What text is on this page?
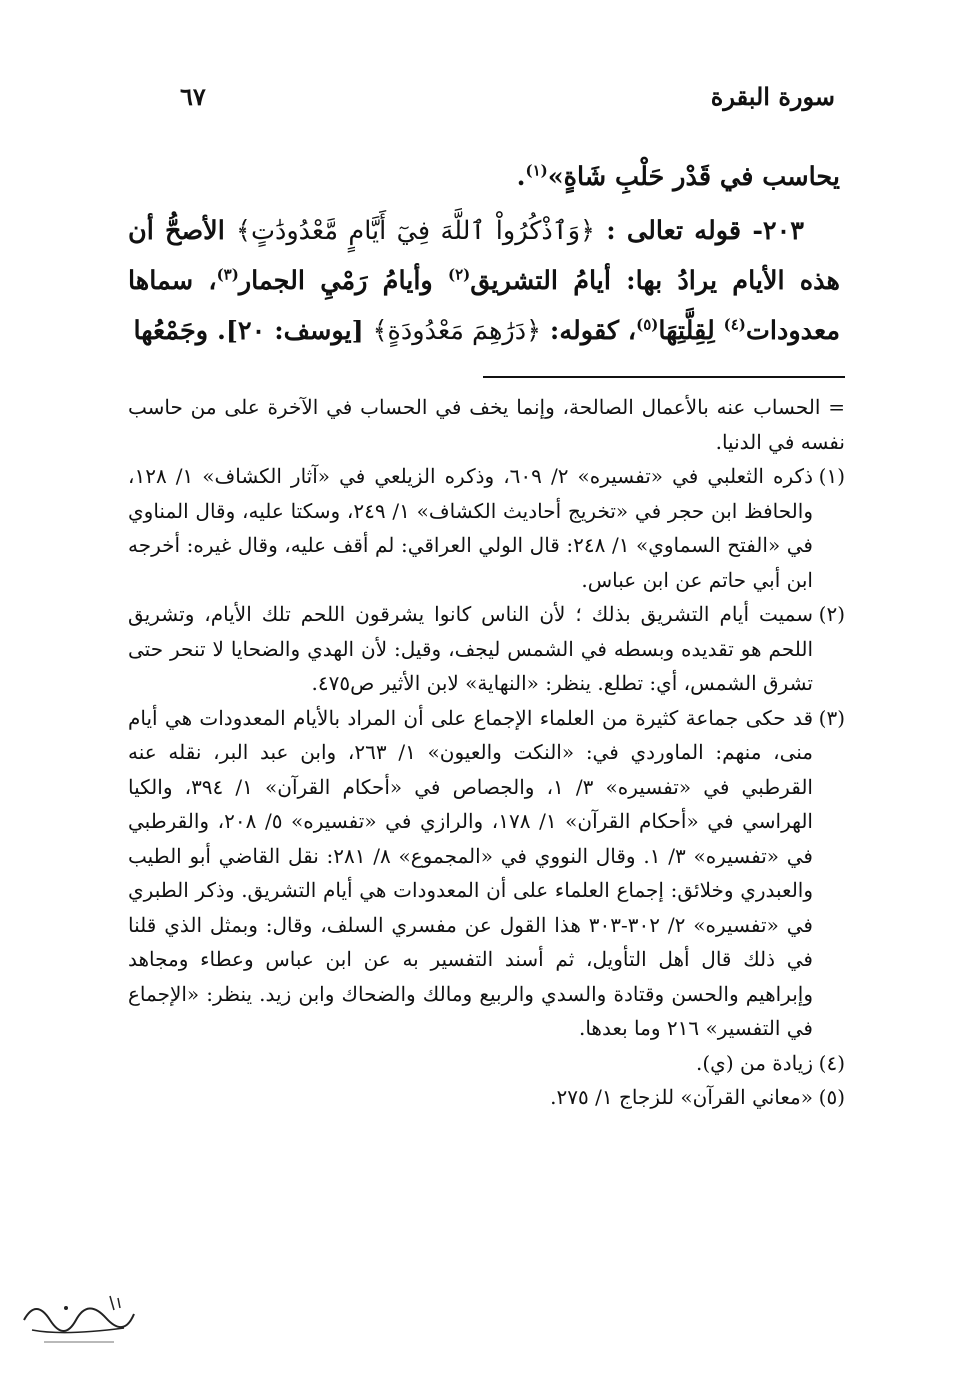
سورة البقرة
٦٧

يحاسب في قَدْر حَلْبِ شَاةٍ»$^{(١)}$.

٢٠٣- قوله تعالى : ﴿وَٱذْكُرُواْ ٱللَّهَ فِيٓ أَيَّامٍ مَّعْدُودَٰتٍ﴾ الأصحُّ أن هذه الأيام يرادُ بها: أيامُ التشريق$^{(٢)}$ وأيامُ رَمْيِ الجمار$^{(٣)}$، سماها معدودات$^{(٤)}$ لِقِلَّتِهَا$^{(٥)}$، كقوله: ﴿دَرَٰهِمَ مَعْدُودَةٍ﴾ [يوسف: ٢٠]. وجَمْعُها

= الحساب عنه بالأعمال الصالحة، وإنما يخف في الحساب في الآخرة على من حاسب نفسه في الدنيا.

(١)
ذكره الثعلبي في «تفسيره» ٢/ ٦٠٩، وذكره الزيلعي في «آثار الكشاف» ١/ ١٢٨، والحافظ ابن حجر في «تخريج أحاديث الكشاف» ١/ ٢٤٩، وسكتا عليه، وقال المناوي في «الفتح السماوي» ١/ ٢٤٨: قال الولي العراقي: لم أقف عليه، وقال غيره: أخرجه ابن أبي حاتم عن ابن عباس.

(٢)
سميت أيام التشريق بذلك ؛ لأن الناس كانوا يشرقون اللحم تلك الأيام، وتشريق اللحم هو تقديده وبسطه في الشمس ليجف، وقيل: لأن الهدي والضحايا لا تنحر حتى تشرق الشمس، أي: تطلع. ينظر: «النهاية» لابن الأثير ص٤٧٥.

(٣)
قد حكى جماعة كثيرة من العلماء الإجماع على أن المراد بالأيام المعدودات هي أيام منى، منهم: الماوردي في: «النكت والعيون» ١/ ٢٦٣، وابن عبد البر، نقله عنه القرطبي في «تفسيره» ٣/ ١، والجصاص في «أحكام القرآن» ١/ ٣٩٤، والكيا الهراسي في «أحكام القرآن» ١/ ١٧٨، والرازي في «تفسيره» ٥/ ٢٠٨، والقرطبي في «تفسيره» ٣/ ١. وقال النووي في «المجموع» ٨/ ٢٨١: نقل القاضي أبو الطيب والعبدري وخلائق: إجماع العلماء على أن المعدودات هي أيام التشريق. وذكر الطبري في «تفسيره» ٢/ ٣٠٢-٣٠٣ هذا القول عن مفسري السلف، وقال: وبمثل الذي قلنا في ذلك قال أهل التأويل، ثم أسند التفسير به عن ابن عباس وعطاء ومجاهد وإبراهيم والحسن وقتادة والسدي والربيع ومالك والضحاك وابن زيد. ينظر: «الإجماع في التفسير» ٢١٦ وما بعدها.

(٤)
زيادة من (ي).

(٥)
«معاني القرآن» للزجاج ١/ ٢٧٥.
